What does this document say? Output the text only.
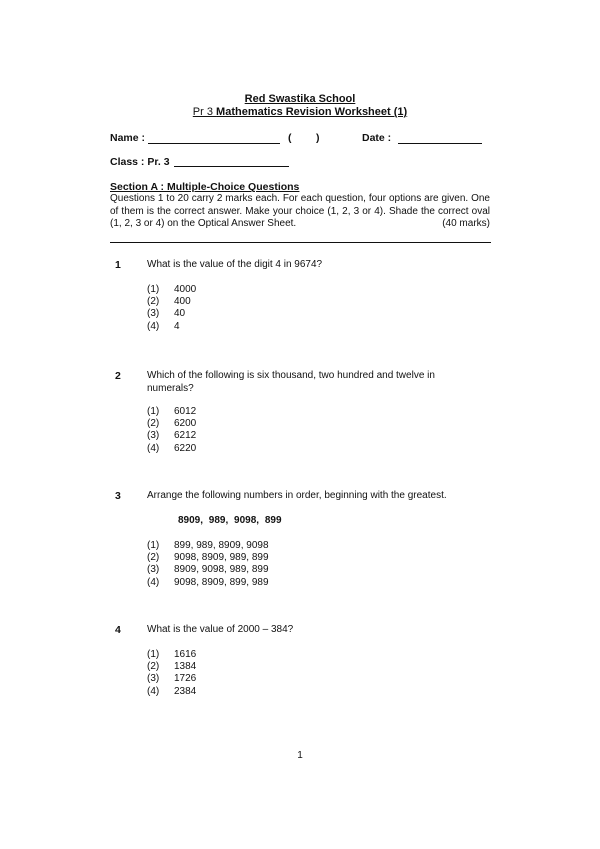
Red Swastika School
Pr 3 Mathematics Revision Worksheet (1)
Name :	( )	Date :
Class : Pr. 3
Section A : Multiple-Choice Questions
Questions 1 to 20 carry 2 marks each. For each question, four options are given. One of them is the correct answer. Make your choice (1, 2, 3 or 4). Shade the correct oval (1, 2, 3 or 4) on the Optical Answer Sheet.	(40 marks)
1	What is the value of the digit 4 in 9674?
(1) 4000
(2) 400
(3) 40
(4) 4
2	Which of the following is six thousand, two hundred and twelve in numerals?
(1) 6012
(2) 6200
(3) 6212
(4) 6220
3	Arrange the following numbers in order, beginning with the greatest.
8909, 989, 9098, 899
(1) 899, 989, 8909, 9098
(2) 9098, 8909, 989, 899
(3) 8909, 9098, 989, 899
(4) 9098, 8909, 899, 989
4	What is the value of 2000 – 384?
(1) 1616
(2) 1384
(3) 1726
(4) 2384
1
